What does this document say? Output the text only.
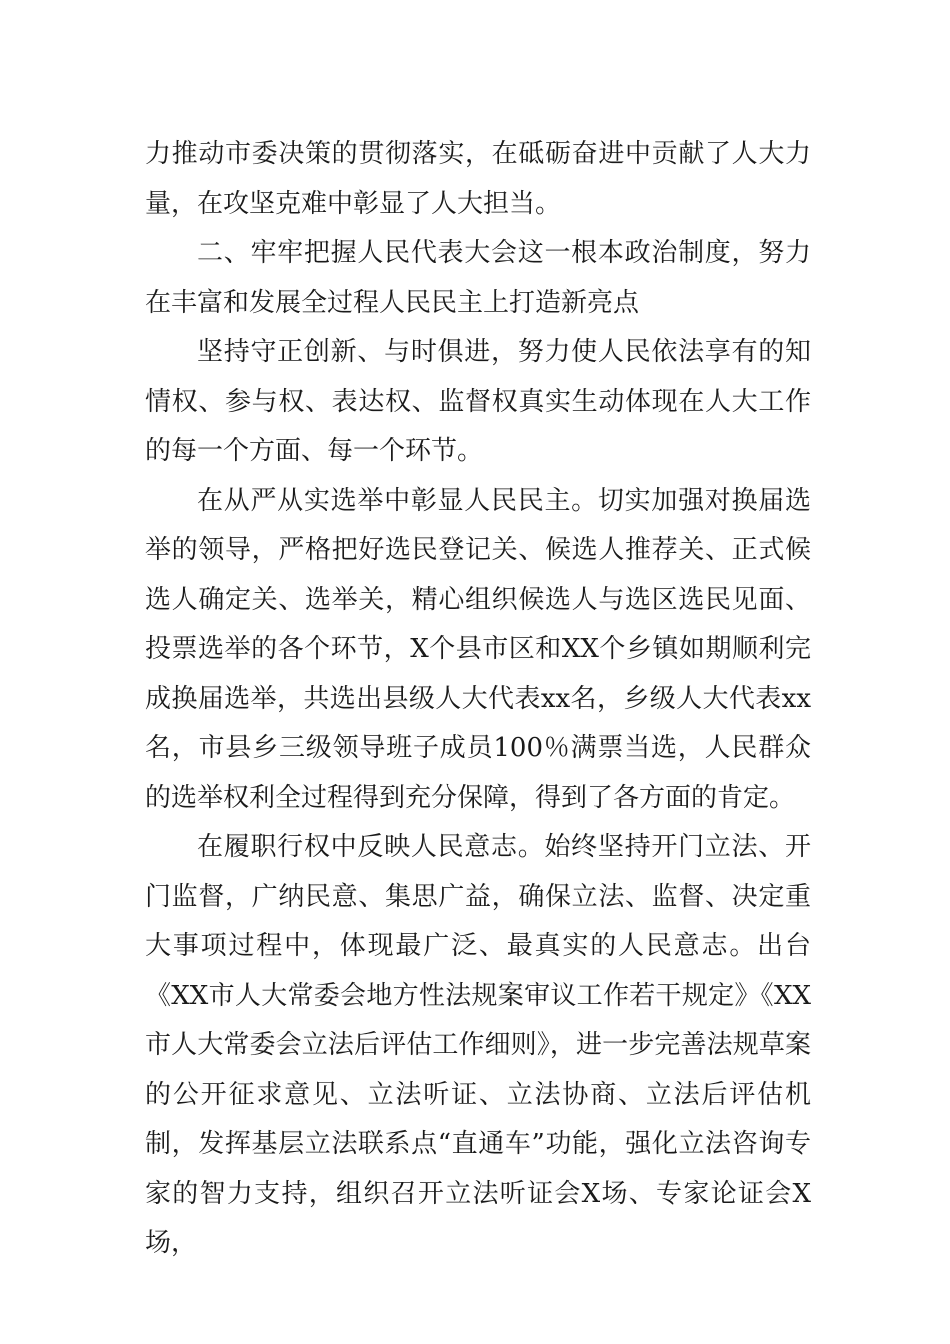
力推动市委决策的贯彻落实，在砥砺奋进中贡献了人大力量，在攻坚克难中彰显了人大担当。

二、牢牢把握人民代表大会这一根本政治制度，努力在丰富和发展全过程人民民主上打造新亮点

坚持守正创新、与时俱进，努力使人民依法享有的知情权、参与权、表达权、监督权真实生动体现在人大工作的每一个方面、每一个环节。

在从严从实选举中彰显人民民主。切实加强对换届选举的领导，严格把好选民登记关、候选人推荐关、正式候选人确定关、选举关，精心组织候选人与选区选民见面、投票选举的各个环节，X个县市区和XX个乡镇如期顺利完成换届选举，共选出县级人大代表xx名，乡级人大代表xx名，市县乡三级领导班子成员100％满票当选，人民群众的选举权利全过程得到充分保障，得到了各方面的肯定。

在履职行权中反映人民意志。始终坚持开门立法、开门监督，广纳民意、集思广益，确保立法、监督、决定重大事项过程中，体现最广泛、最真实的人民意志。出台《XX市人大常委会地方性法规案审议工作若干规定》《XX市人大常委会立法后评估工作细则》，进一步完善法规草案的公开征求意见、立法听证、立法协商、立法后评估机制，发挥基层立法联系点“直通车”功能，强化立法咨询专家的智力支持，组织召开立法听证会X场、专家论证会X场，
